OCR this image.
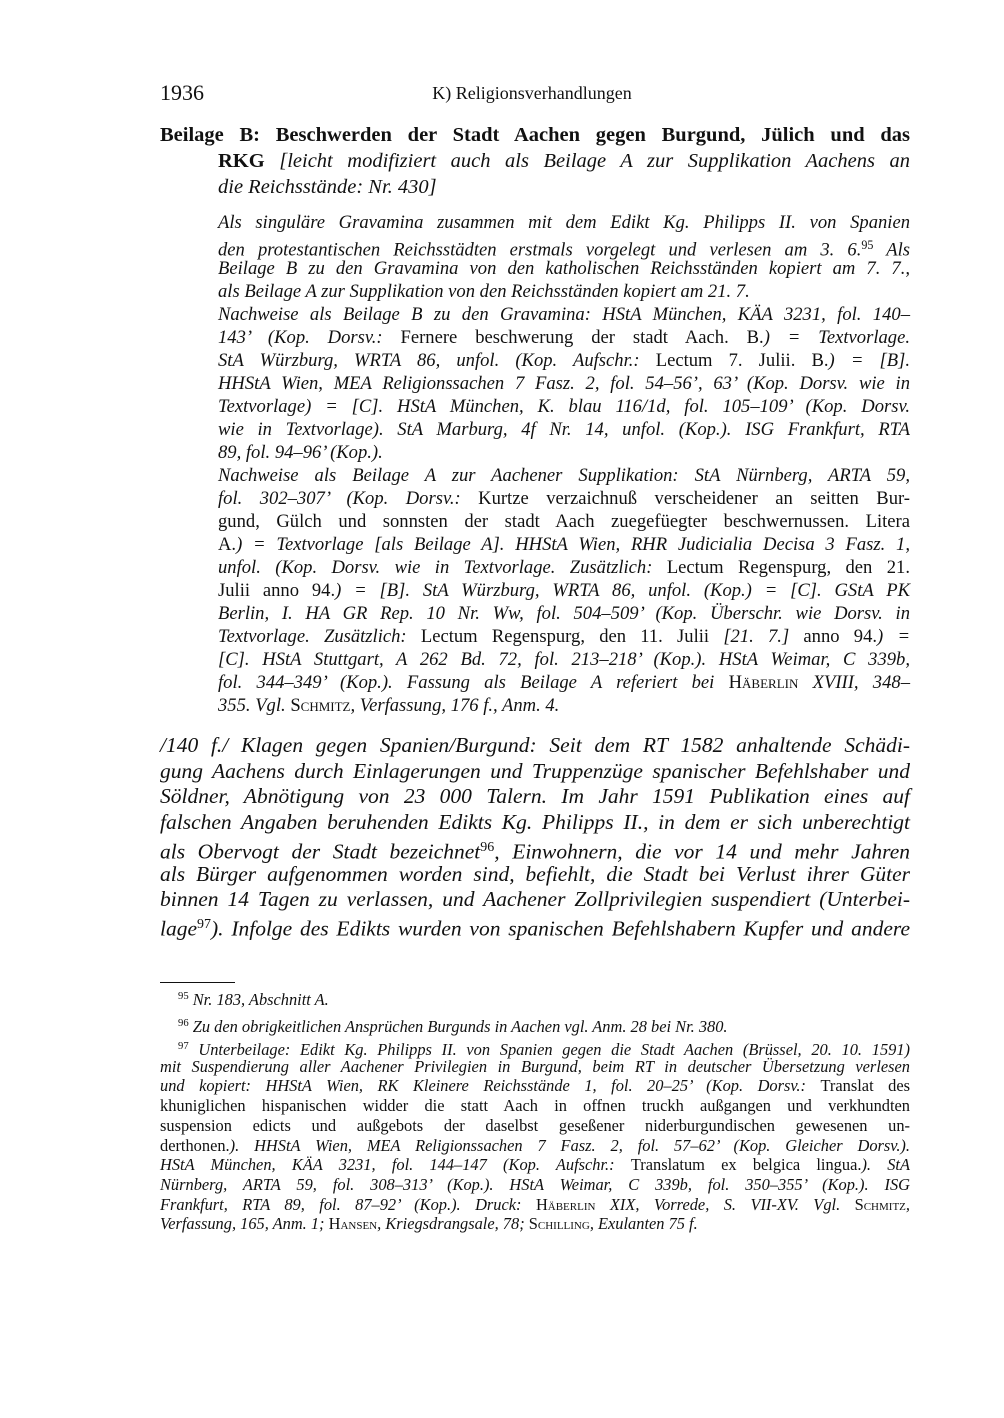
1936	K) Religionsverhandlungen
Beilage B: Beschwerden der Stadt Aachen gegen Burgund, Jülich und das
RKG [leicht modifiziert auch als Beilage A zur Supplikation Aachens an
die Reichsstände: Nr. 430]
Als singuläre Gravamina zusammen mit dem Edikt Kg. Philipps II. von Spanien
den protestantischen Reichsstädten erstmals vorgelegt und verlesen am 3. 6.95 Als
Beilage B zu den Gravamina von den katholischen Reichsständen kopiert am 7. 7.,
als Beilage A zur Supplikation von den Reichsständen kopiert am 21. 7.
Nachweise als Beilage B zu den Gravamina: HStA München, KÄA 3231, fol. 140–
143’ (Kop. Dorsv.: Fernere beschwerung der stadt Aach. B.) = Textvorlage.
StA Würzburg, WRTA 86, unfol. (Kop. Aufschr.: Lectum 7. Julii. B.) = [B].
HHStA Wien, MEA Religionssachen 7 Fasz. 2, fol. 54–56’, 63’ (Kop. Dorsv. wie in
Textvorlage) = [C]. HStA München, K. blau 116/1d, fol. 105–109’ (Kop. Dorsv.
wie in Textvorlage). StA Marburg, 4f Nr. 14, unfol. (Kop.). ISG Frankfurt, RTA
89, fol. 94–96’ (Kop.).
Nachweise als Beilage A zur Aachener Supplikation: StA Nürnberg, ARTA 59,
fol. 302–307’ (Kop. Dorsv.: Kurtze verzaichnuß verscheidener an seitten Bur-
gund, Gülch und sonnsten der stadt Aach zuegefüegter beschwernussen. Litera
A.) = Textvorlage [als Beilage A]. HHStA Wien, RHR Judicialia Decisa 3 Fasz. 1,
unfol. (Kop. Dorsv. wie in Textvorlage. Zusätzlich: Lectum Regenspurg, den 21.
Julii anno 94.) = [B]. StA Würzburg, WRTA 86, unfol. (Kop.) = [C]. GStA PK
Berlin, I. HA GR Rep. 10 Nr. Ww, fol. 504–509’ (Kop. Überschr. wie Dorsv. in
Textvorlage. Zusätzlich: Lectum Regenspurg, den 11. Julii [21. 7.] anno 94.) =
[C]. HStA Stuttgart, A 262 Bd. 72, fol. 213–218’ (Kop.). HStA Weimar, C 339b,
fol. 344–349’ (Kop.). Fassung als Beilage A referiert bei Häberlin XVIII, 348–
355. Vgl. Schmitz, Verfassung, 176 f., Anm. 4.
/140 f./ Klagen gegen Spanien/Burgund: Seit dem RT 1582 anhaltende Schädi-
gung Aachens durch Einlagerungen und Truppenzüge spanischer Befehlshaber und
Söldner, Abnötigung von 23 000 Talern. Im Jahr 1591 Publikation eines auf
falschen Angaben beruhenden Edikts Kg. Philipps II., in dem er sich unberechtigt
als Obervogt der Stadt bezeichnet$^{96}$, Einwohnern, die vor 14 und mehr Jahren
als Bürger aufgenommen worden sind, befiehlt, die Stadt bei Verlust ihrer Güter
binnen 14 Tagen zu verlassen, und Aachener Zollprivilegien suspendiert (Unterbei-
lage$^{97}$). Infolge des Edikts wurden von spanischen Befehlshabern Kupfer und andere
$^{95}$ Nr. 183, Abschnitt A.
$^{96}$ Zu den obrigkeitlichen Ansprüchen Burgunds in Aachen vgl. Anm. 28 bei Nr. 380.
$^{97}$ Unterbeilage: Edikt Kg. Philipps II. von Spanien gegen die Stadt Aachen (Brüssel, 20. 10. 1591)
mit Suspendierung aller Aachener Privilegien in Burgund, beim RT in deutscher Übersetzung verlesen
und kopiert: HHStA Wien, RK Kleinere Reichsstände 1, fol. 20–25’ (Kop. Dorsv.: Translat des
khuniglichen hispanischen widder die statt Aach in offnen truckh außgangen und verkhundten
suspension edicts und außgebots der daselbst geseßener niderburgundischen gewesenen un-
derthonen.). HHStA Wien, MEA Religionssachen 7 Fasz. 2, fol. 57–62’ (Kop. Gleicher Dorsv.).
HStA München, KÄA 3231, fol. 144–147 (Kop. Aufschr.: Translatum ex belgica lingua.). StA
Nürnberg, ARTA 59, fol. 308–313’ (Kop.). HStA Weimar, C 339b, fol. 350–355’ (Kop.). ISG
Frankfurt, RTA 89, fol. 87–92’ (Kop.). Druck: Häberlin XIX, Vorrede, S. VII-XV. Vgl. Schmitz,
Verfassung, 165, Anm. 1; Hansen, Kriegsdrangsale, 78; Schilling, Exulanten 75 f.
